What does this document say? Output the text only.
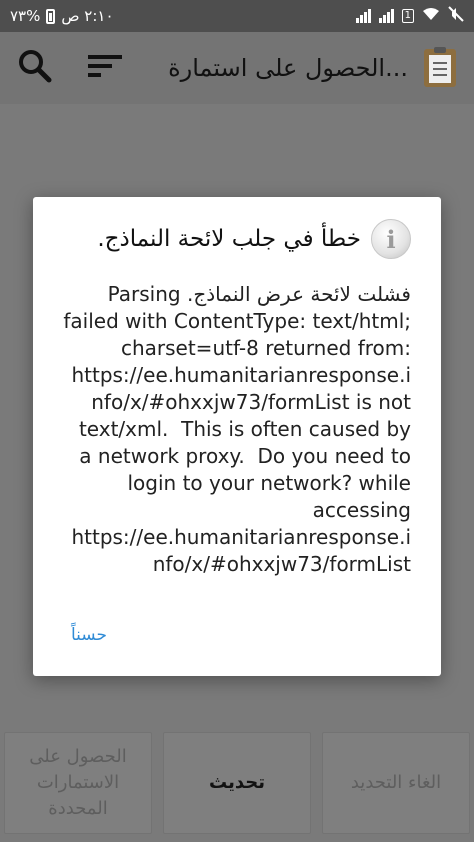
٢:١٠ ص
%٧٣	1
الحصول على استمارة...
الحصول على الاستمارات المحددة
تحديث	الغاء التحديد
i
خطأ في جلب لائحة النماذج.
فشلت لائحة عرض النماذج. Parsing failed with ContentType: text/html; charset=utf-8 returned from: https://ee.humanitarianresponse.info/x/#ohxxjw73/formList is not text/xml.  This is often caused by a network proxy.  Do you need to login to your network? while accessing https://ee.humanitarianresponse.info/x/#ohxxjw73/formList
حسناً
